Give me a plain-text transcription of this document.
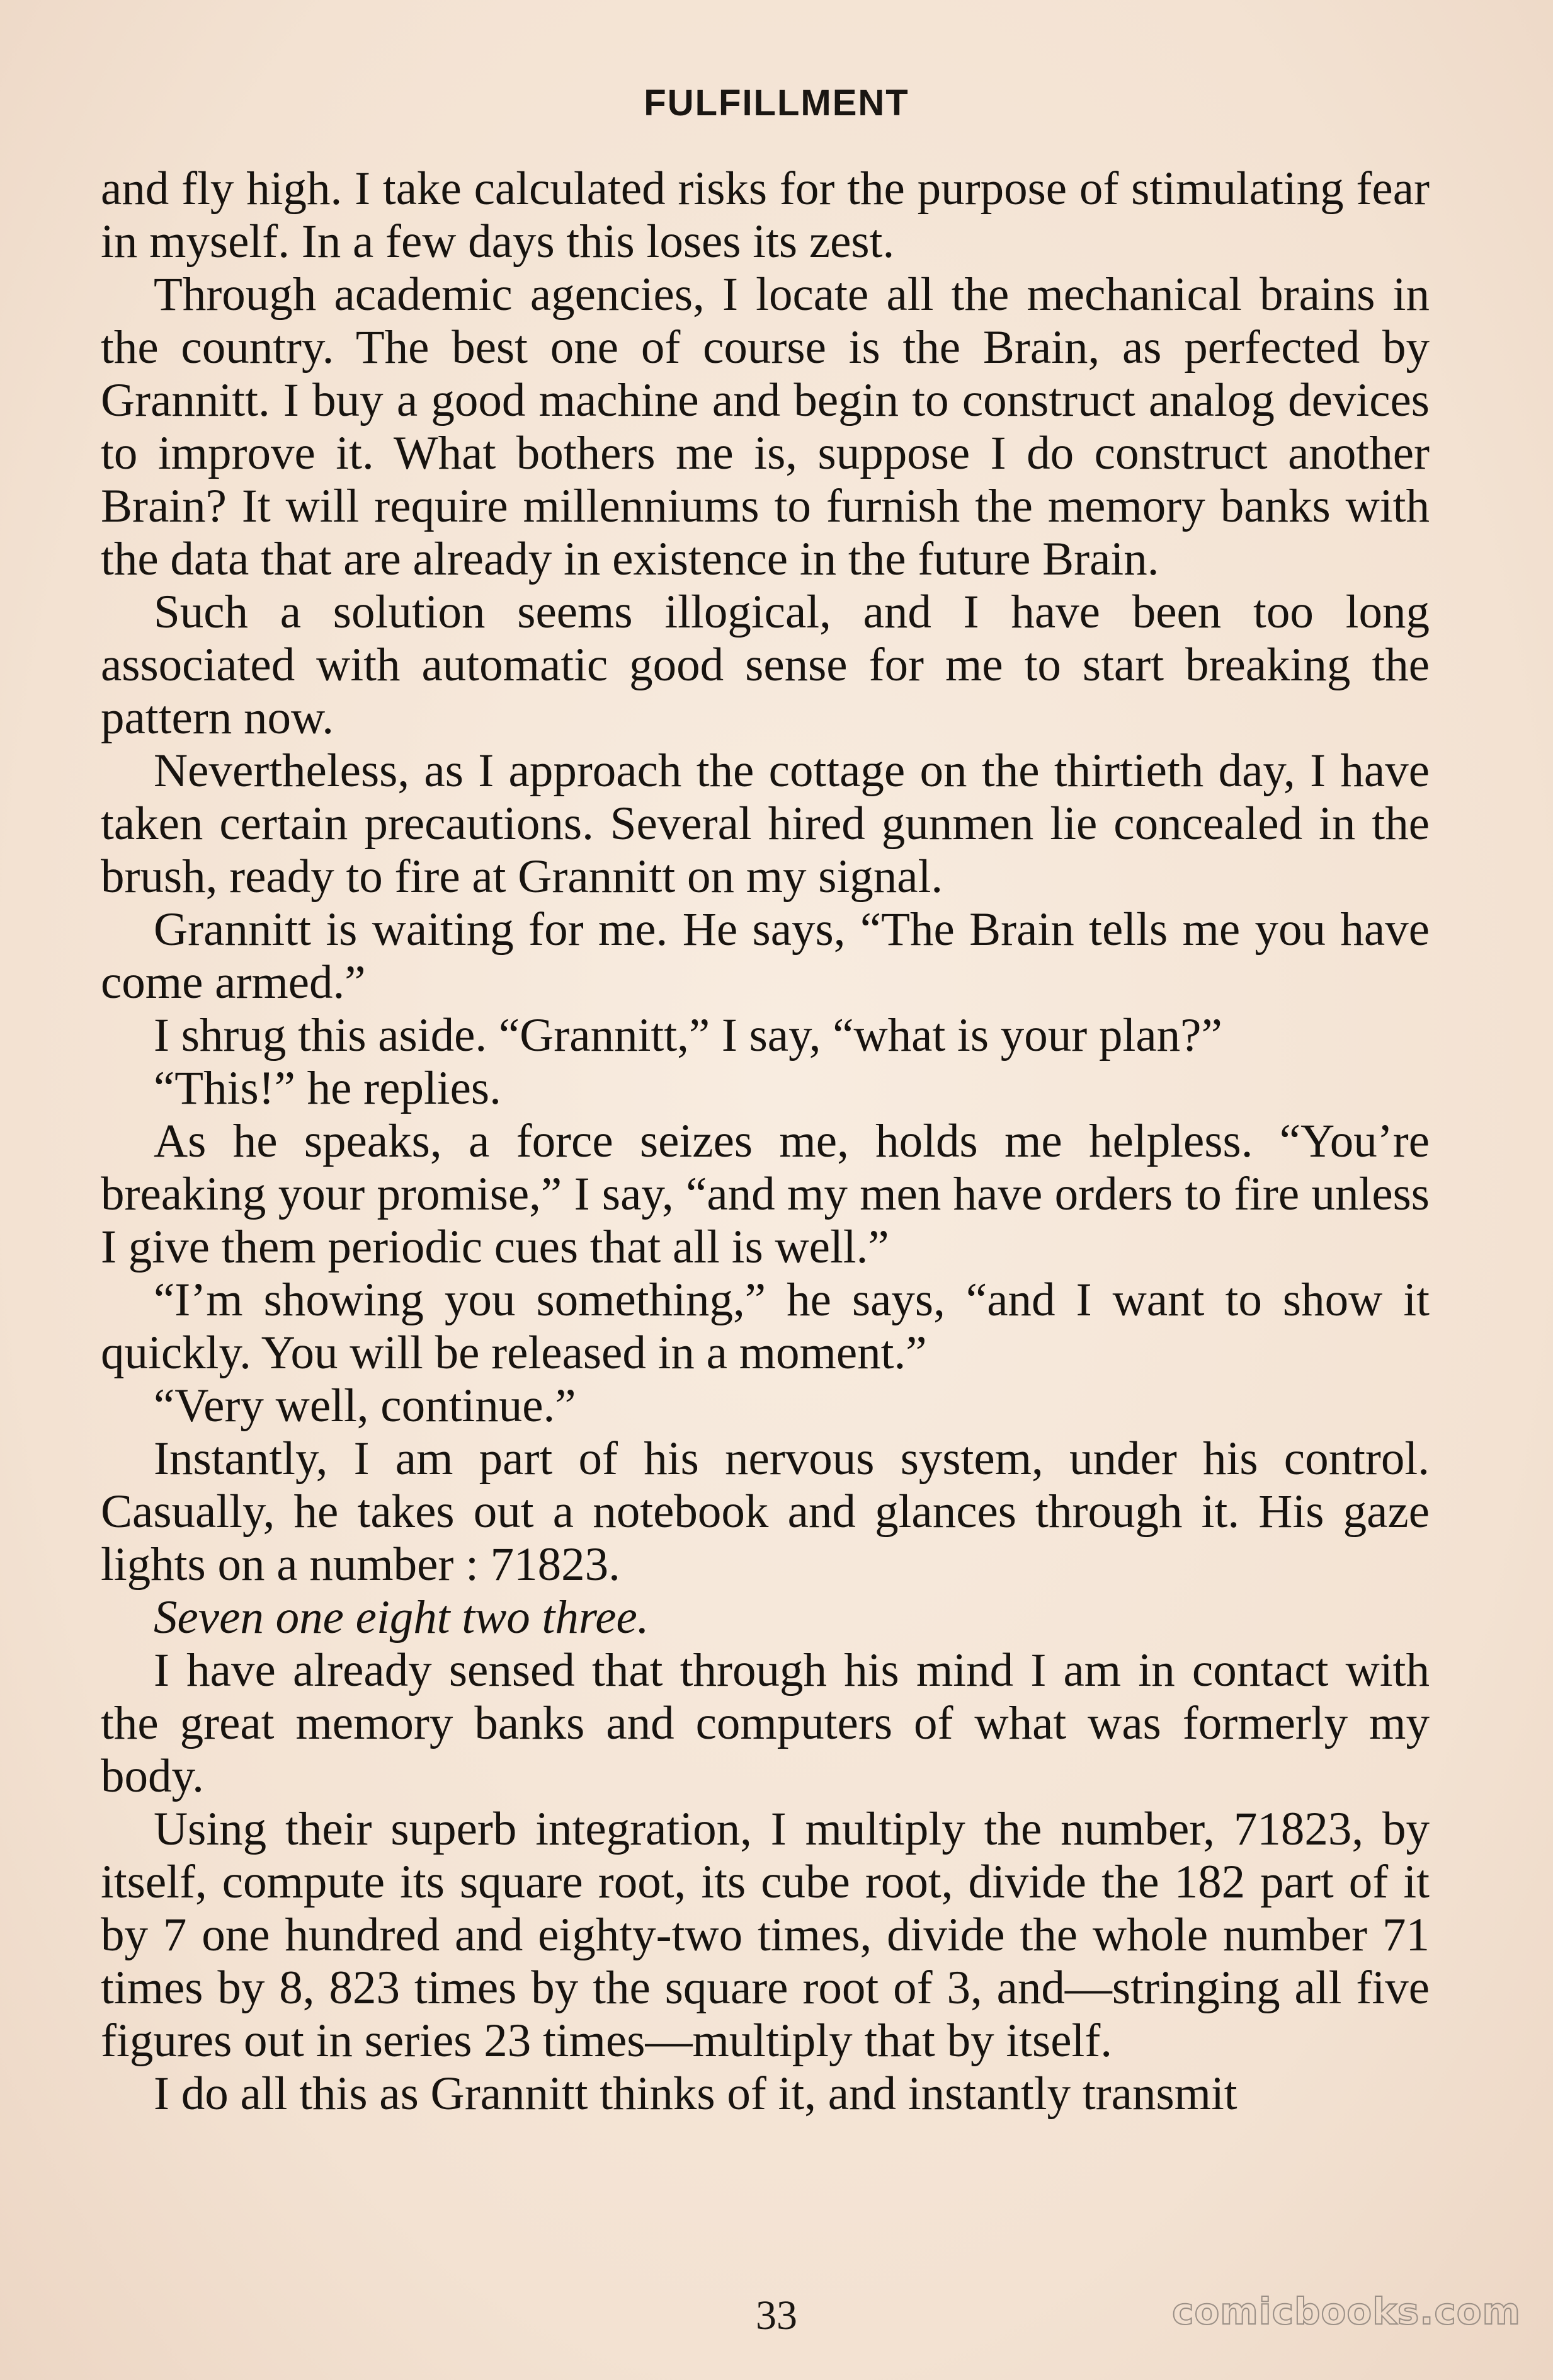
FULFILLMENT

and fly high. I take calculated risks for the purpose of stimulating fear in myself. In a few days this loses its zest.

Through academic agencies, I locate all the mechanical brains in the country. The best one of course is the Brain, as perfected by Grannitt. I buy a good machine and begin to construct analog devices to improve it. What bothers me is, suppose I do construct another Brain? It will require millenniums to furnish the memory banks with the data that are already in existence in the future Brain.

Such a solution seems illogical, and I have been too long associated with automatic good sense for me to start breaking the pattern now.

Nevertheless, as I approach the cottage on the thirtieth day, I have taken certain precautions. Several hired gunmen lie concealed in the brush, ready to fire at Grannitt on my signal.

Grannitt is waiting for me. He says, “The Brain tells me you have come armed.”

I shrug this aside. “Grannitt,” I say, “what is your plan?”

“This!” he replies.

As he speaks, a force seizes me, holds me helpless. “You’re breaking your promise,” I say, “and my men have orders to fire unless I give them periodic cues that all is well.”

“I’m showing you something,” he says, “and I want to show it quickly. You will be released in a moment.”

“Very well, continue.”

Instantly, I am part of his nervous system, under his control. Casually, he takes out a notebook and glances through it. His gaze lights on a number : 71823.

Seven one eight two three.

I have already sensed that through his mind I am in contact with the great memory banks and computers of what was formerly my body.

Using their superb integration, I multiply the number, 71823, by itself, compute its square root, its cube root, divide the 182 part of it by 7 one hundred and eighty-two times, divide the whole number 71 times by 8, 823 times by the square root of 3, and—stringing all five figures out in series 23 times—multiply that by itself.

I do all this as Grannitt thinks of it, and instantly transmit

33	comicbooks.com
